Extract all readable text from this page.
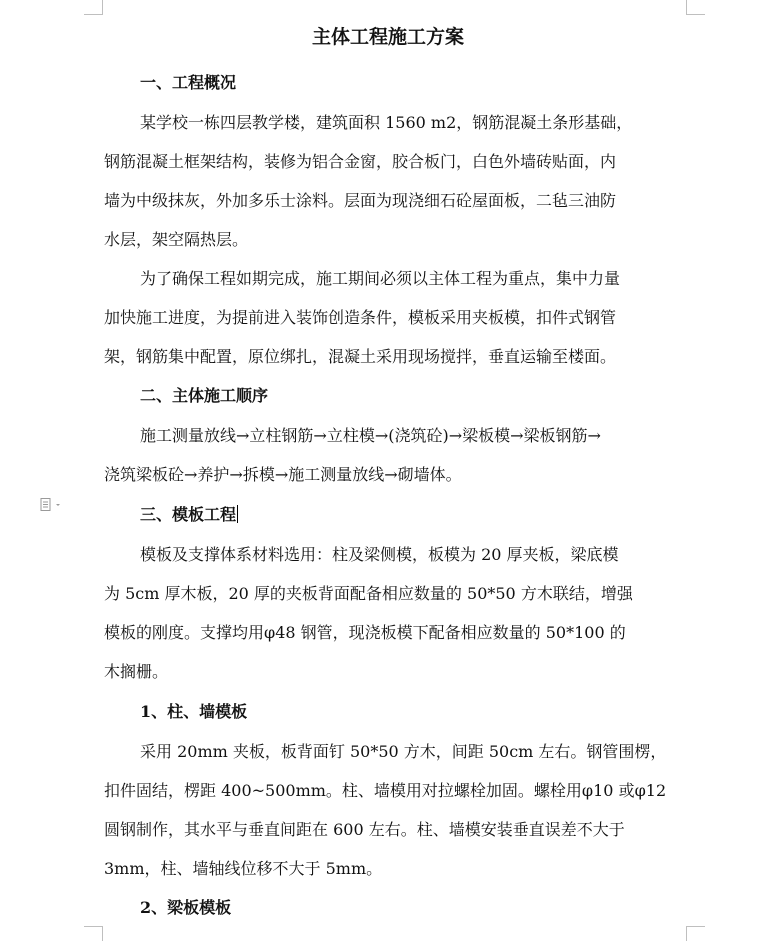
主体工程施工方案
一、工程概况
某学校一栋四层教学楼，建筑面积 1560 m2，钢筋混凝土条形基础，
钢筋混凝土框架结构，装修为铝合金窗，胶合板门，白色外墙砖贴面，内
墙为中级抹灰，外加多乐士涂料。层面为现浇细石砼屋面板，二毡三油防
水层，架空隔热层。
为了确保工程如期完成，施工期间必须以主体工程为重点，集中力量
加快施工进度，为提前进入装饰创造条件，模板采用夹板模，扣件式钢管
架，钢筋集中配置，原位绑扎，混凝土采用现场搅拌，垂直运输至楼面。
二、主体施工顺序
施工测量放线→立柱钢筋→立柱模→(浇筑砼)→梁板模→梁板钢筋→
浇筑梁板砼→养护→拆模→施工测量放线→砌墙体。
三、模板工程
模板及支撑体系材料选用：柱及梁侧模，板模为 20 厚夹板，梁底模
为 5cm 厚木板，20 厚的夹板背面配备相应数量的 50*50 方木联结，增强
模板的刚度。支撑均用φ48 钢管，现浇板模下配备相应数量的 50*100 的
木搁栅。
1、柱、墙模板
采用 20mm 夹板，板背面钉 50*50 方木，间距 50cm 左右。钢管围楞，
扣件固结，楞距 400~500mm。柱、墙模用对拉螺栓加固。螺栓用φ10 或φ12
圆钢制作，其水平与垂直间距在 600 左右。柱、墙模安装垂直误差不大于
3mm，柱、墙轴线位移不大于 5mm。
2、梁板模板
